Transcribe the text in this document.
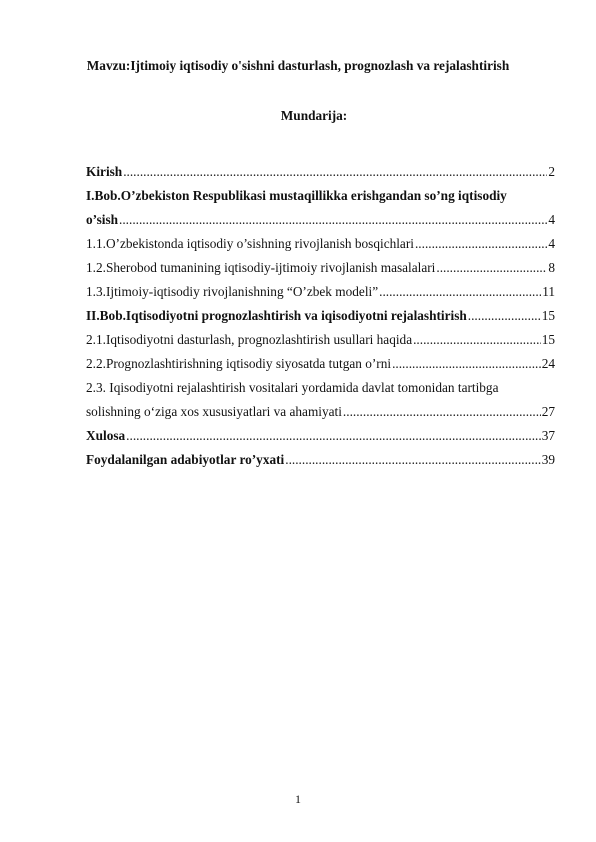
Mavzu:Ijtimoiy iqtisodiy o'sishni dasturlash, prognozlash va rejalashtirish
Mundarija:
Kirish .....	2
I.Bob.O’zbekiston Respublikasi mustaqillikka erishgandan so’ng iqtisodiy
o’sish .....	4
1.1.O’zbekistonda iqtisodiy o’sishning rivojlanish bosqichlari .....	4
1.2.Sherobod tumanining iqtisodiy-ijtimoiy rivojlanish masalalari .....	8
1.3.Ijtimoiy-iqtisodiy rivojlanishning “O’zbek modeli” .....	11
II.Bob.Iqtisodiyotni prognozlashtirish va iqisodiyotni rejalashtirish .....	15
2.1.Iqtisodiyotni dasturlash, prognozlashtirish usullari haqida .....	15
2.2.Prognozlashtirishning iqtisodiy siyosatda tutgan o’rni .....	24
2.3. Iqisodiyotni rejalashtirish vositalari yordamida davlat tomonidan tartibga
solishning o‘ziga xos xususiyatlari va ahamiyati .....	27
Xulosa .....	37
Foydalanilgan adabiyotlar ro’yxati .....	39
1
